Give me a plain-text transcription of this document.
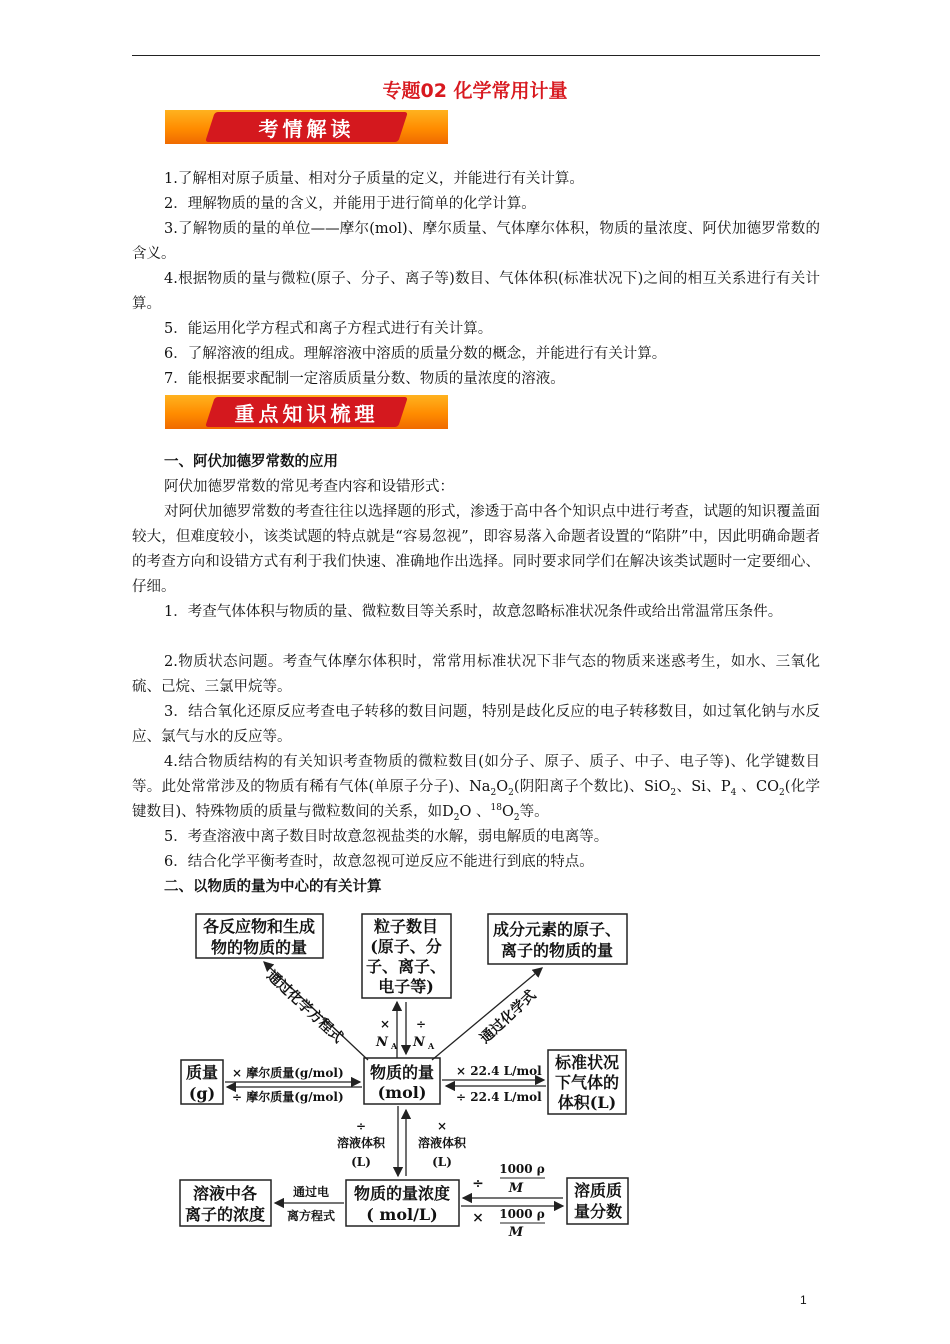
专题02 化学常用计量
考情解读

1.了解相对原子质量、相对分子质量的定义，并能进行有关计算。

2．理解物质的量的含义，并能用于进行简单的化学计算。

3.了解物质的量的单位——摩尔(mol)、摩尔质量、气体摩尔体积，物质的量浓度、阿伏加德罗常数的含义。

4.根据物质的量与微粒(原子、分子、离子等)数目、气体体积(标准状况下)之间的相互关系进行有关计算。

5．能运用化学方程式和离子方程式进行有关计算。

6．了解溶液的组成。理解溶液中溶质的质量分数的概念，并能进行有关计算。

7．能根据要求配制一定溶质质量分数、物质的量浓度的溶液。

重点知识梳理

一、阿伏加德罗常数的应用

阿伏加德罗常数的常见考查内容和设错形式：

对阿伏加德罗常数的考查往往以选择题的形式，渗透于高中各个知识点中进行考查，试题的知识覆盖面较大，但难度较小，该类试题的特点就是“容易忽视”，即容易落入命题者设置的“陷阱”中，因此明确命题者的考查方向和设错方式有利于我们快速、准确地作出选择。同时要求同学们在解决该类试题时一定要细心、仔细。

1．考查气体体积与物质的量、微粒数目等关系时，故意忽略标准状况条件或给出常温常压条件。

2.物质状态问题。考查气体摩尔体积时，常常用标准状况下非气态的物质来迷惑考生，如水、三氧化硫、己烷、三氯甲烷等。

3．结合氧化还原反应考查电子转移的数目问题，特别是歧化反应的电子转移数目，如过氧化钠与水反应、氯气与水的反应等。

4.结合物质结构的有关知识考查物质的微粒数目(如分子、原子、质子、中子、电子等)、化学键数目等。此处常常涉及的物质有稀有气体(单原子分子)、$Na_2O_2$(阴阳离子个数比)、SiO$_2$、Si、$P_4$ 、$CO_2$(化学键数目)、特殊物质的质量与微粒数间的关系，如$D_2O$ 、$^{18}O_2$等。

5．考查溶液中离子数目时故意忽视盐类的水解，弱电解质的电离等。

6．结合化学平衡考查时，故意忽视可逆反应不能进行到底的特点。

二、以物质的量为中心的有关计算

各反应物和生成
物的物质的量
粒子数目
(原子、分
子、离子、
电子等)
成分元素的原子、
离子的物质的量
质量
(g)
物质的量
(mol)
标准状况
下气体的
体积(L)
溶液中各
离子的浓度
物质的量浓度
( mol/L)
溶质质
量分数
通过化学方程式	通过化学式
×
N A
÷
N A
× 摩尔质量(g/mol)
÷ 摩尔质量(g/mol)
× 22.4 L/mol
÷ 22.4 L/mol
÷
溶液体积
(L)
×
溶液体积
(L)
通过电
离方程式
÷
1000 ρ
M
× 1000 ρ
M
1
